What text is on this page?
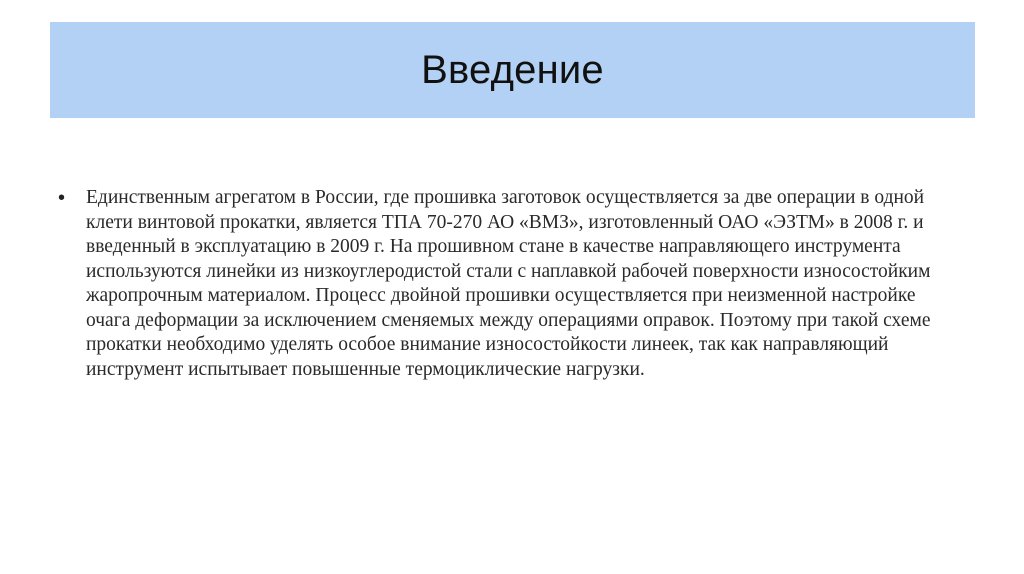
Введение
• Единственным агрегатом в России, где прошивка заготовок осуществляется за две операции в одной клети винтовой прокатки, является ТПА 70-270 АО «ВМЗ», изготовленный ОАО «ЭЗТМ» в 2008 г. и введенный в эксплуатацию в 2009 г. На прошивном стане в качестве направляющего инструмента используются линейки из низкоуглеродистой стали с наплавкой рабочей поверхности износостойким жаропрочным материалом. Процесс двойной прошивки осуществляется при неизменной настройке очага деформации за исключением сменяемых между операциями оправок. Поэтому при такой схеме прокатки необходимо уделять особое внимание износостойкости линеек, так как направляющий инструмент испытывает повышенные термоциклические нагрузки.
